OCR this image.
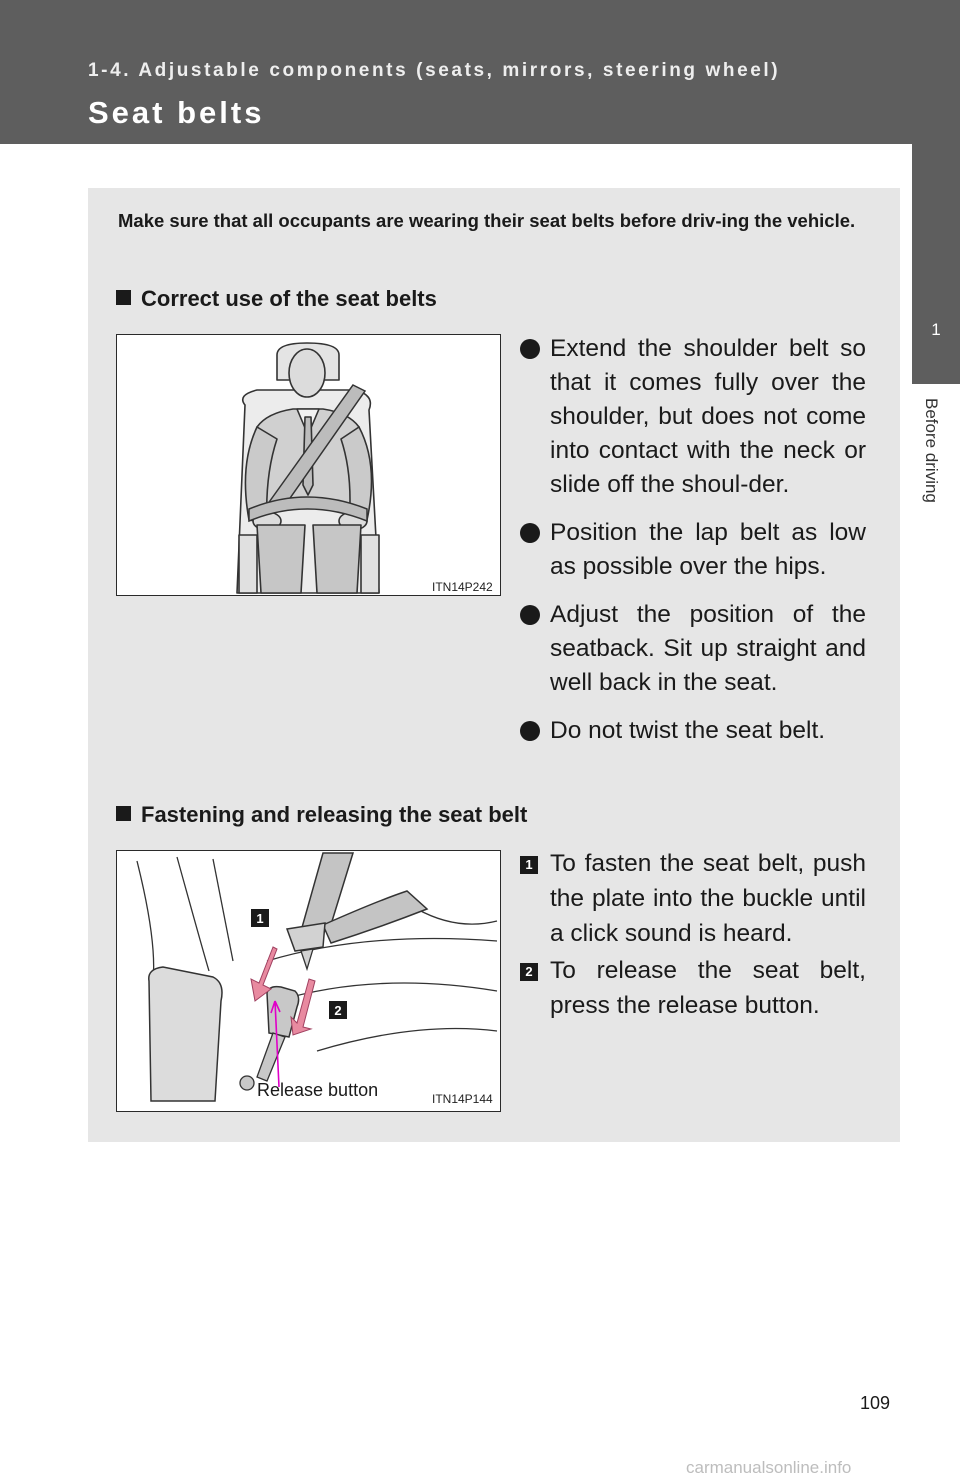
1-4. Adjustable components (seats, mirrors, steering wheel)
Seat belts
1
Before driving
Make sure that all occupants are wearing their seat belts before driv-ing the vehicle.
Correct use of the seat belts
ITN14P242
Extend the shoulder belt so that it comes fully over the shoulder, but does not come into contact with the neck or slide off the shoul-der.
Position the lap belt as low as possible over the hips.
Adjust the position of the seatback. Sit up straight and well back in the seat.
Do not twist the seat belt.
Fastening and releasing the seat belt
1
2
Release button	ITN14P144
1 To fasten the seat belt, push the plate into the buckle until a click sound is heard.
2 To release the seat belt, press the release button.
109
carmanualsonline.info
